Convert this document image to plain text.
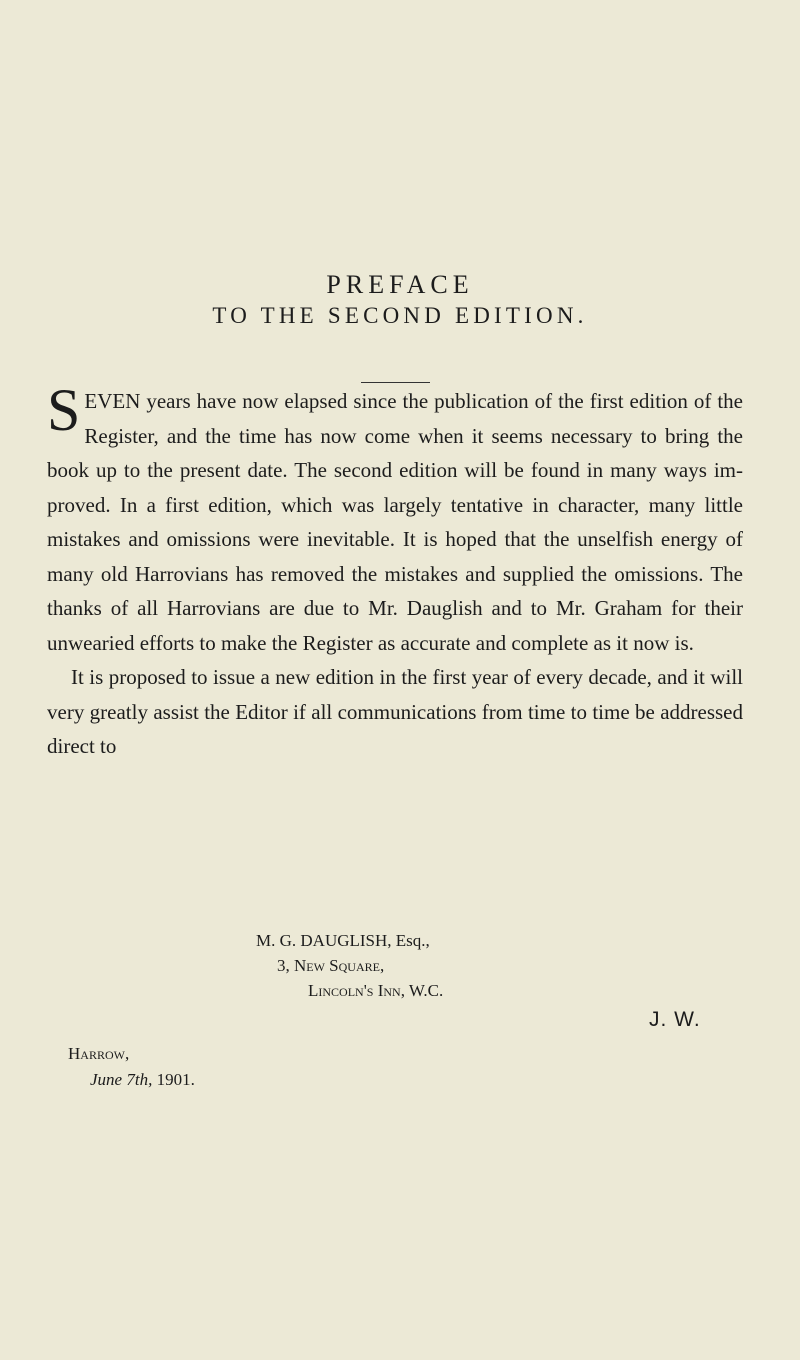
PREFACE
TO THE SECOND EDITION.

SEVEN years have now elapsed since the publication of the first edition of the Register, and the time has now come when it seems necessary to bring the book up to the present date. The second edition will be found in many ways im-proved. In a first edition, which was largely tentative in character, many little mistakes and omissions were inevitable. It is hoped that the unselfish energy of many old Harrovians has removed the mistakes and supplied the omissions. The thanks of all Harrovians are due to Mr. Dauglish and to Mr. Graham for their unwearied efforts to make the Register as accurate and complete as it now is.

It is proposed to issue a new edition in the first year of every decade, and it will very greatly assist the Editor if all communications from time to time be addressed direct to

M. G. DAUGLISH, Esq.,
3, New Square,
Lincoln's Inn, W.C.
J. W.
Harrow,
June 7th, 1901.
